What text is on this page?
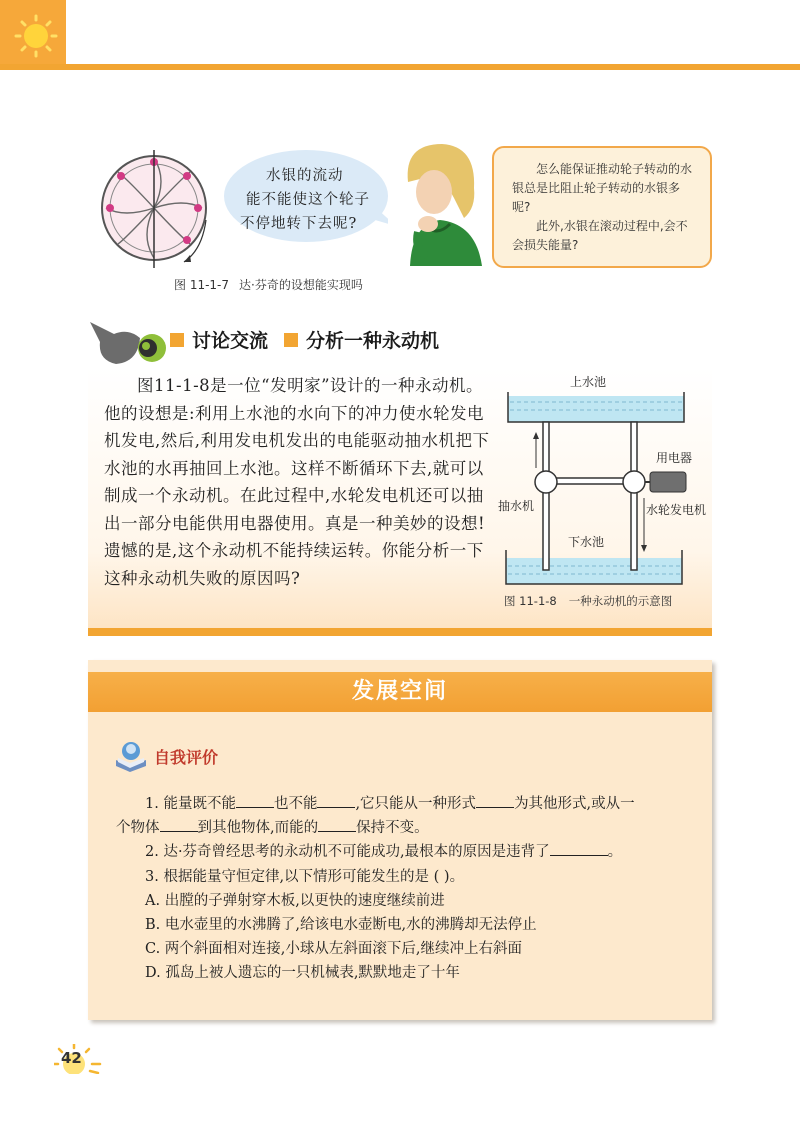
水银的流动
能不能使这个轮子
不停地转下去呢?
图 11-1-7 达·芬奇的设想能实现吗

怎么能保证推动轮子转动的水银总是比阻止轮子转动的水银多呢?

此外,水银在滚动过程中,会不会损失能量?

讨论交流 分析一种永动机

图11-1-8是一位“发明家”设计的一种永动机。他的设想是:利用上水池的水向下的冲力使水轮发电机发电,然后,利用发电机发出的电能驱动抽水机把下水池的水再抽回上水池。这样不断循环下去,就可以制成一个永动机。在此过程中,水轮发电机还可以抽出一部分电能供用电器使用。真是一种美妙的设想!遗憾的是,这个永动机不能持续运转。你能分析一下这种永动机失败的原因吗?

上水池
用电器
抽水机	水轮发电机
下水池
图 11-1-8 一种永动机的示意图
发展空间
自我评价

1. 能量既不能	也不能	,它只能从一种形式	为其他形式,或从一
个物体	到其他物体,而能的	保持不变。

2. 达·芬奇曾经思考的永动机不可能成功,最根本的原因是违背了	。

3. 根据能量守恒定律,以下情形可能发生的是 ( )。

A. 出膛的子弹射穿木板,以更快的速度继续前进

B. 电水壶里的水沸腾了,给该电水壶断电,水的沸腾却无法停止

C. 两个斜面相对连接,小球从左斜面滚下后,继续冲上右斜面

D. 孤岛上被人遗忘的一只机械表,默默地走了十年

42
